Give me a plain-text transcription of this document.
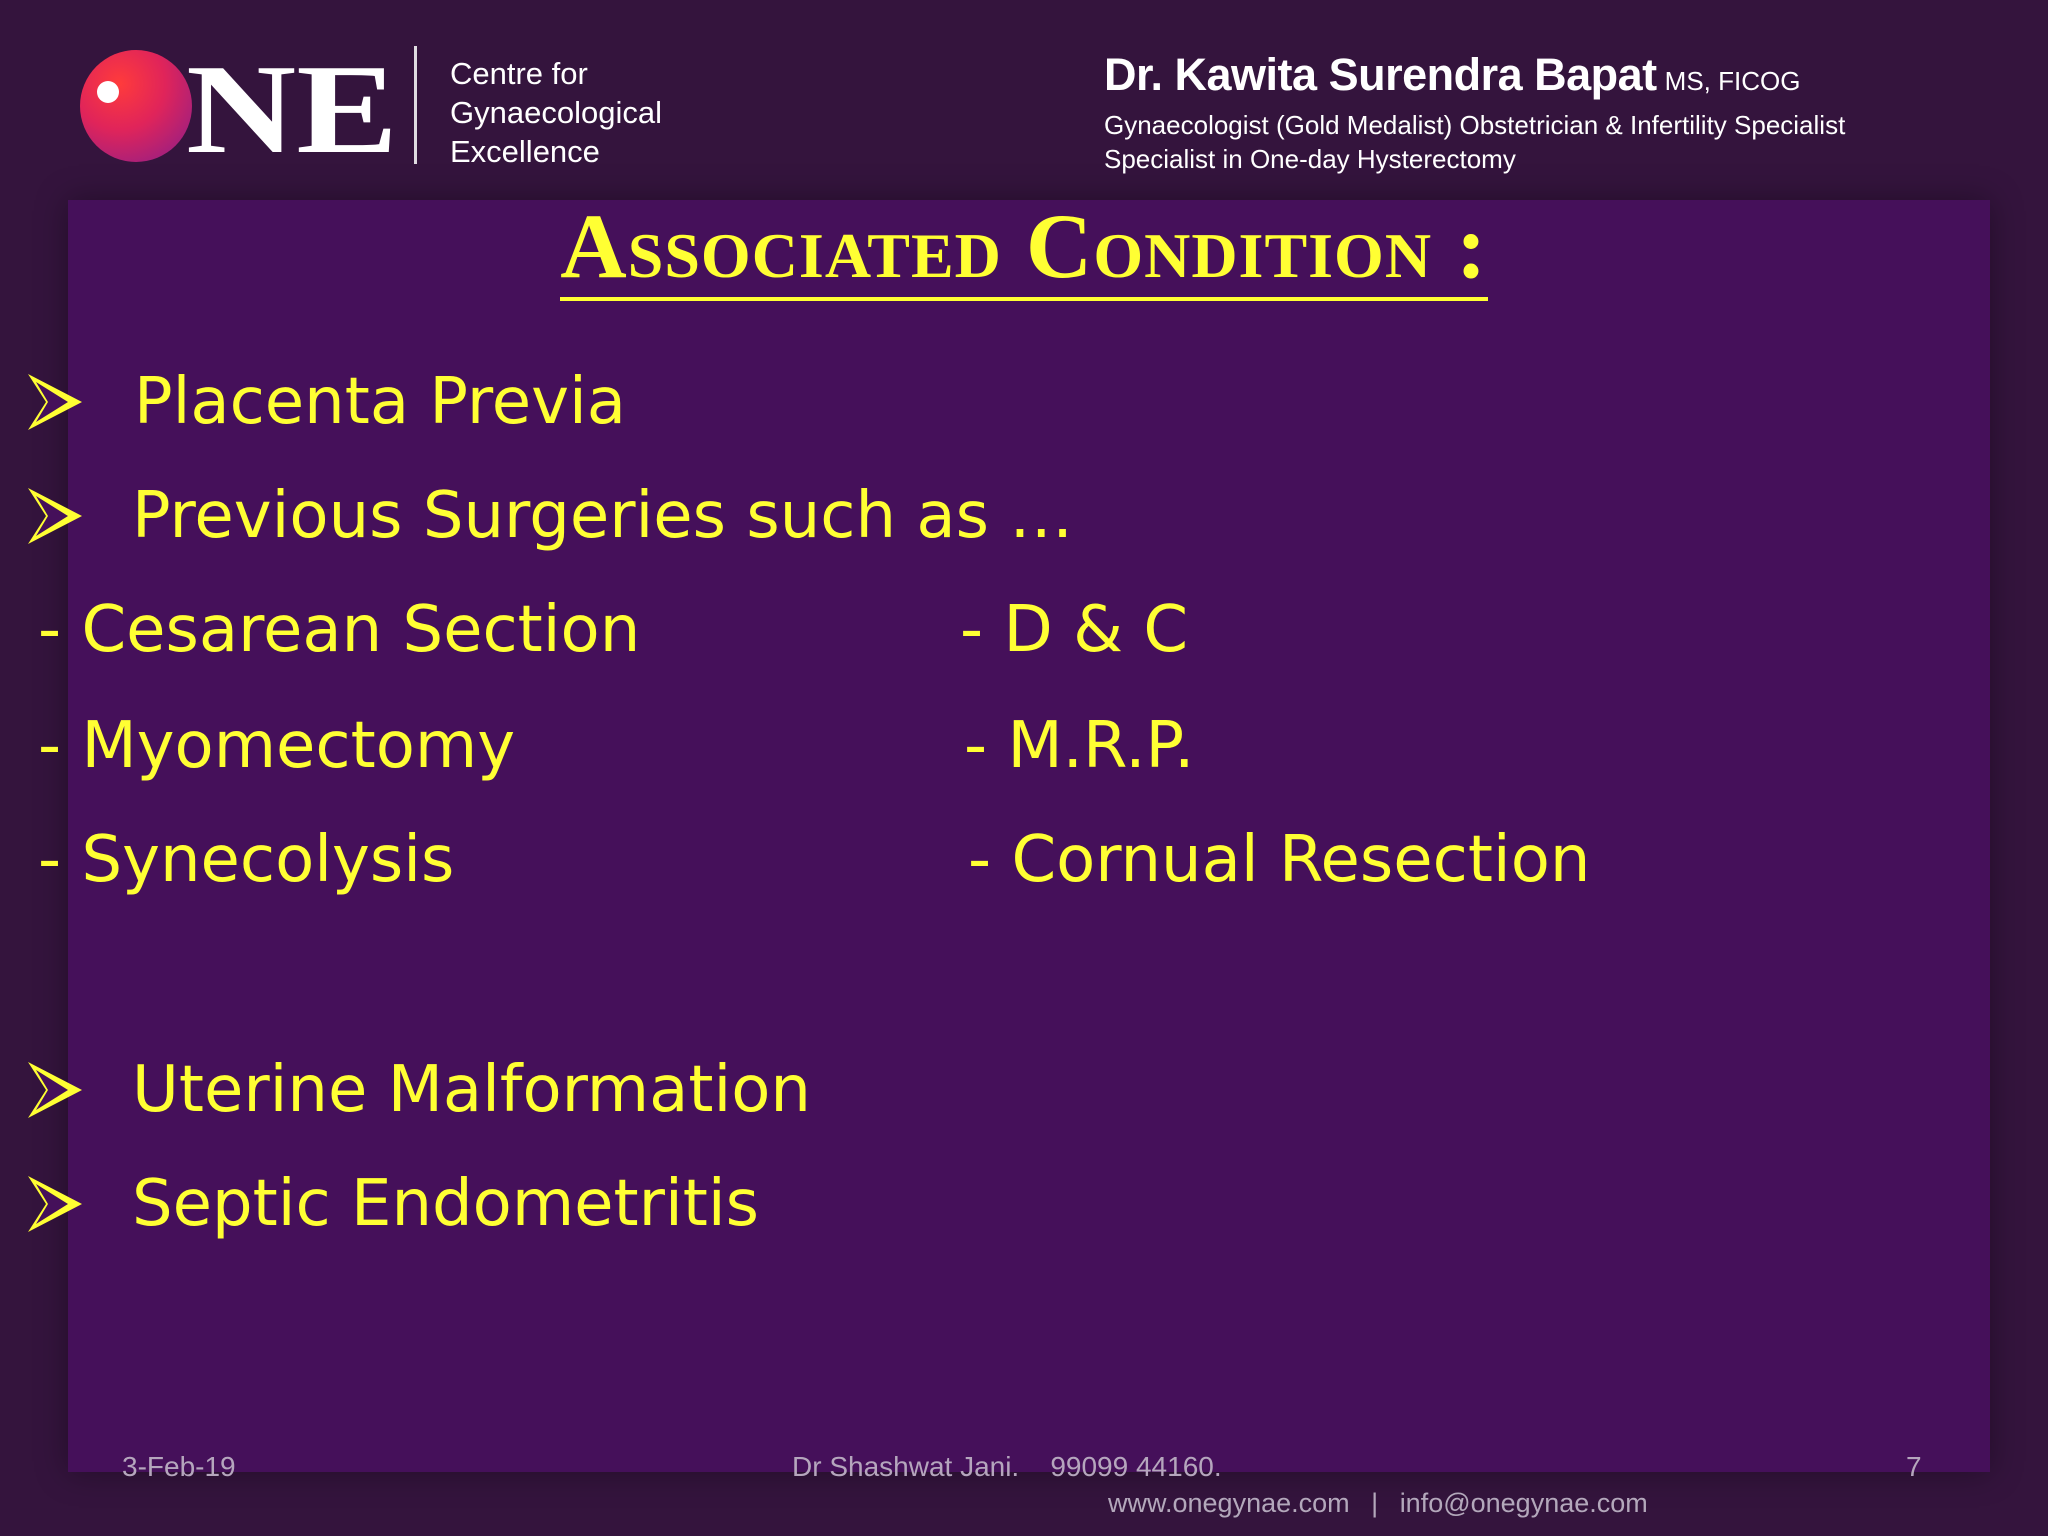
NE Centre for
Gynaecological
Excellence
Dr. Kawita Surendra Bapat MS, FICOG
Gynaecologist (Gold Medalist) Obstetrician & Infertility Specialist
Specialist in One-day Hysterectomy
Associated Condition :
Placenta Previa
Previous Surgeries such as …
- Cesarean Section	- D & C
- Myomectomy	- M.R.P.
- Synecolysis	- Cornual Resection
Uterine Malformation
Septic Endometritis
3-Feb-19	Dr Shashwat Jani.    99099 44160.	7
www.onegynae.com | info@onegynae.com
